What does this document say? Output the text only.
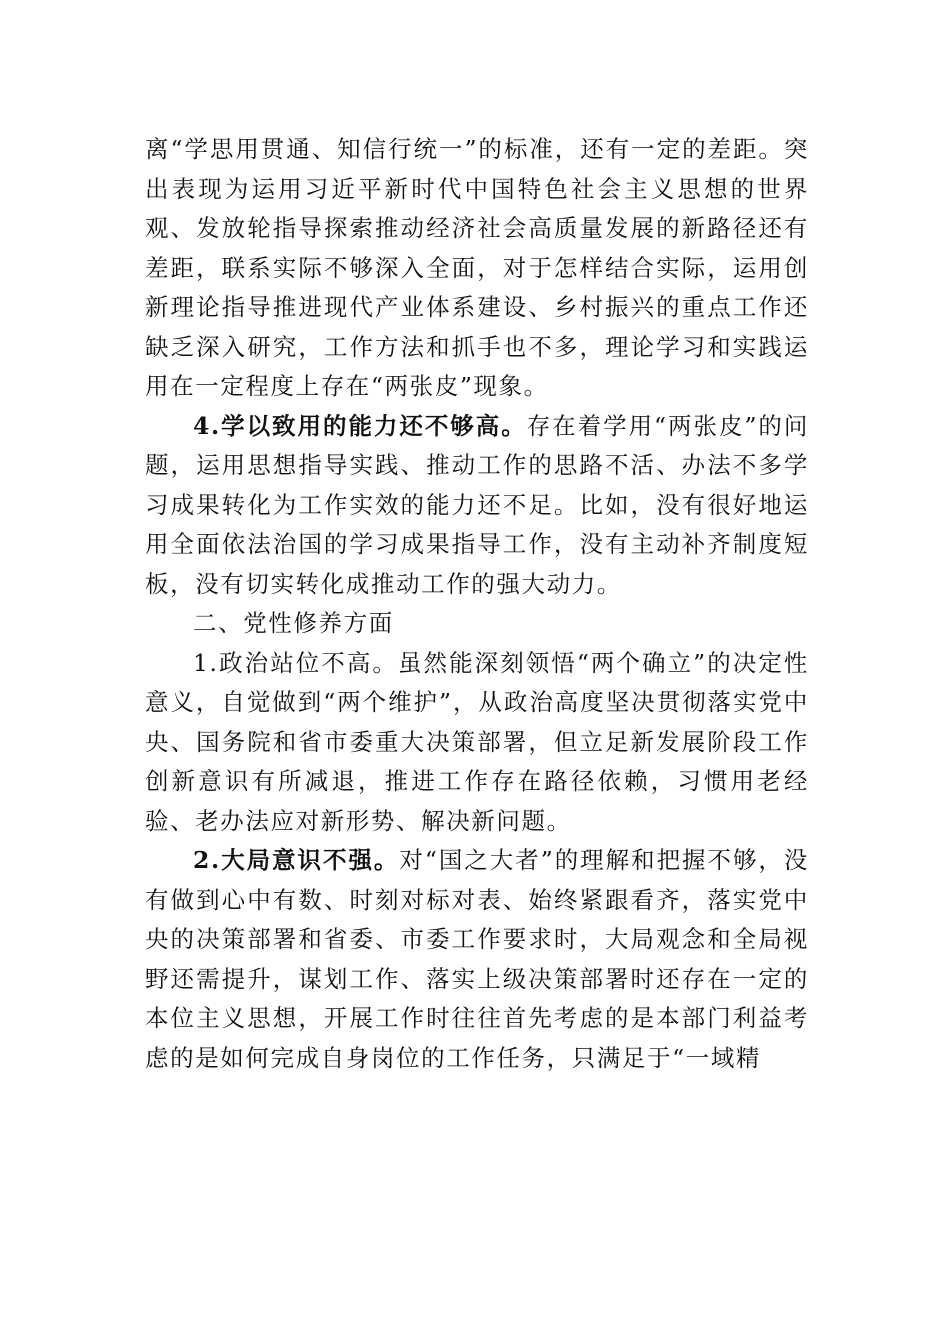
离“学思用贯通、知信行统一”的标准，还有一定的差距。突出表现为运用习近平新时代中国特色社会主义思想的世界观、发放轮指导探索推动经济社会高质量发展的新路径还有差距，联系实际不够深入全面，对于怎样结合实际，运用创新理论指导推进现代产业体系建设、乡村振兴的重点工作还缺乏深入研究，工作方法和抓手也不多，理论学习和实践运用在一定程度上存在“两张皮”现象。

4.学以致用的能力还不够高。存在着学用“两张皮”的问题，运用思想指导实践、推动工作的思路不活、办法不多学习成果转化为工作实效的能力还不足。比如，没有很好地运用全面依法治国的学习成果指导工作，没有主动补齐制度短板，没有切实转化成推动工作的强大动力。

二、党性修养方面

1.政治站位不高。虽然能深刻领悟“两个确立”的决定性意义，自觉做到“两个维护”，从政治高度坚决贯彻落实党中央、国务院和省市委重大决策部署，但立足新发展阶段工作创新意识有所减退，推进工作存在路径依赖，习惯用老经验、老办法应对新形势、解决新问题。

2.大局意识不强。对“国之大者”的理解和把握不够，没有做到心中有数、时刻对标对表、始终紧跟看齐，落实党中央的决策部署和省委、市委工作要求时，大局观念和全局视野还需提升，谋划工作、落实上级决策部署时还存在一定的本位主义思想，开展工作时往往首先考虑的是本部门利益考虑的是如何完成自身岗位的工作任务，只满足于“一域精
